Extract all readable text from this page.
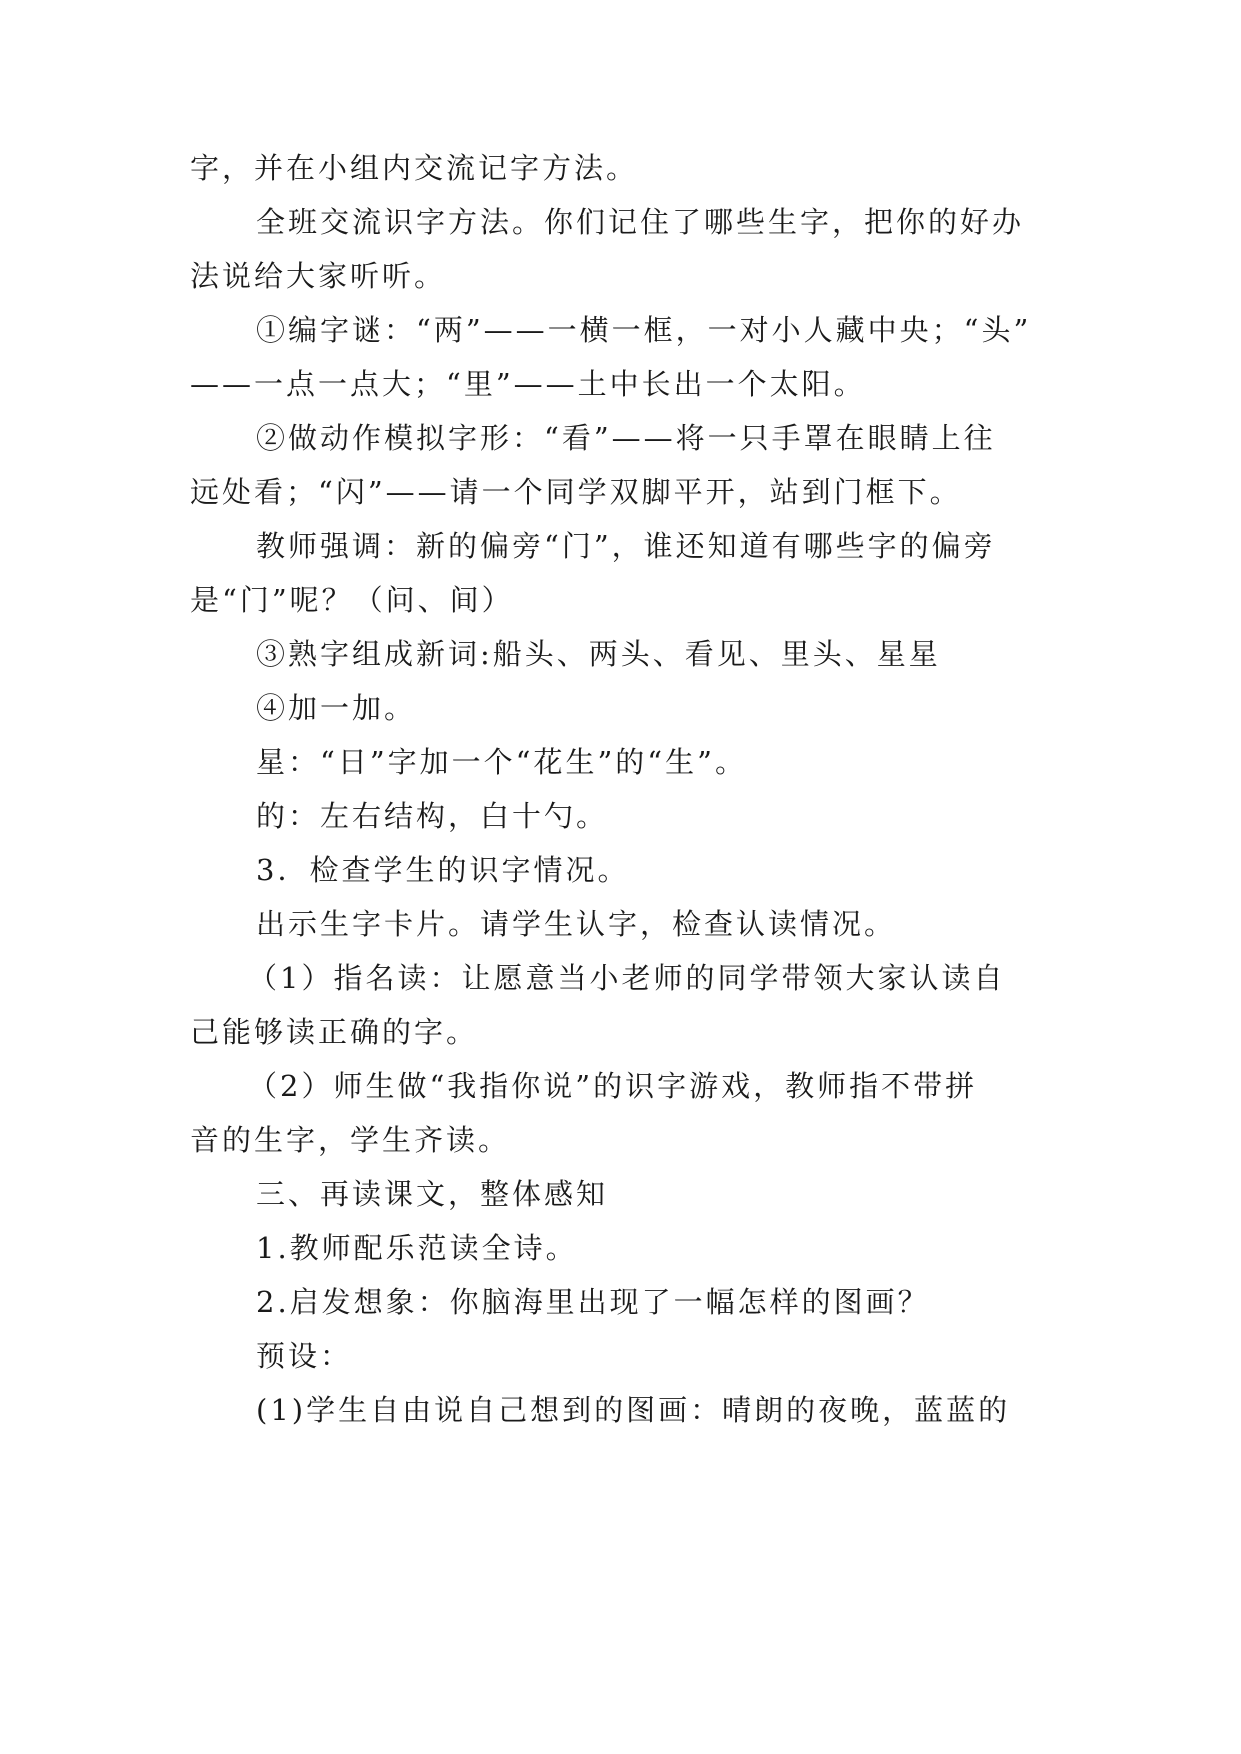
字，并在小组内交流记字方法。
全班交流识字方法。你们记住了哪些生字，把你的好办
法说给大家听听。
①编字谜：“两”——一横一框，一对小人藏中央；“头”
——一点一点大；“里”——土中长出一个太阳。
②做动作模拟字形：“看”——将一只手罩在眼睛上往
远处看；“闪”——请一个同学双脚平开，站到门框下。
教师强调：新的偏旁“门”，谁还知道有哪些字的偏旁
是“门”呢？（问、间）
③熟字组成新词:船头、两头、看见、里头、星星
④加一加。
星：“日”字加一个“花生”的“生”。
的：左右结构，白十勺。
3．检查学生的识字情况。
出示生字卡片。请学生认字，检查认读情况。
（1）指名读：让愿意当小老师的同学带领大家认读自
己能够读正确的字。
（2）师生做“我指你说”的识字游戏，教师指不带拼
音的生字，学生齐读。
三、再读课文，整体感知
1.教师配乐范读全诗。
2.启发想象：你脑海里出现了一幅怎样的图画？
预设：
(1)学生自由说自己想到的图画：晴朗的夜晚，蓝蓝的
